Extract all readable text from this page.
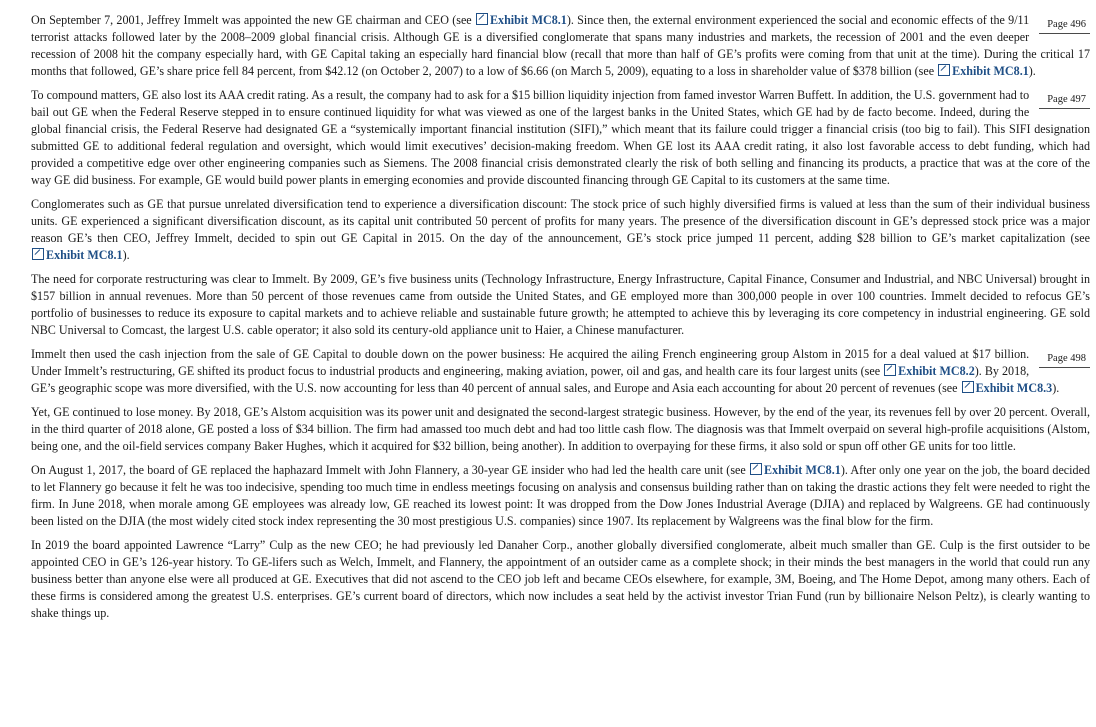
Page 496
On September 7, 2001, Jeffrey Immelt was appointed the new GE chairman and CEO (see Exhibit MC8.1). Since then, the external environment experienced the social and economic effects of the 9/11 terrorist attacks followed later by the 2008–2009 global financial crisis. Although GE is a diversified conglomerate that spans many industries and markets, the recession of 2001 and the even deeper recession of 2008 hit the company especially hard, with GE Capital taking an especially hard financial blow (recall that more than half of GE’s profits were coming from that unit at the time). During the critical 17 months that followed, GE’s share price fell 84 percent, from $42.12 (on October 2, 2007) to a low of $6.66 (on March 5, 2009), equating to a loss in shareholder value of $378 billion (see Exhibit MC8.1).

Page 497
To compound matters, GE also lost its AAA credit rating. As a result, the company had to ask for a $15 billion liquidity injection from famed investor Warren Buffett. In addition, the U.S. government had to bail out GE when the Federal Reserve stepped in to ensure continued liquidity for what was viewed as one of the largest banks in the United States, which GE had by de facto become. Indeed, during the global financial crisis, the Federal Reserve had designated GE a “systemically important financial institution (SIFI),” which meant that its failure could trigger a financial crisis (too big to fail). This SIFI designation submitted GE to additional federal regulation and oversight, which would limit executives’ decision-making freedom. When GE lost its AAA credit rating, it also lost favorable access to debt funding, which had provided a competitive edge over other engineering companies such as Siemens. The 2008 financial crisis demonstrated clearly the risk of both selling and financing its products, a practice that was at the core of the way GE did business. For example, GE would build power plants in emerging economies and provide discounted financing through GE Capital to its customers at the same time.

Conglomerates such as GE that pursue unrelated diversification tend to experience a diversification discount: The stock price of such highly diversified firms is valued at less than the sum of their individual business units. GE experienced a significant diversification discount, as its capital unit contributed 50 percent of profits for many years. The presence of the diversification discount in GE’s depressed stock price was a major reason GE’s then CEO, Jeffrey Immelt, decided to spin out GE Capital in 2015. On the day of the announcement, GE’s stock price jumped 11 percent, adding $28 billion to GE’s market capitalization (see Exhibit MC8.1).

The need for corporate restructuring was clear to Immelt. By 2009, GE’s five business units (Technology Infrastructure, Energy Infrastructure, Capital Finance, Consumer and Industrial, and NBC Universal) brought in $157 billion in annual revenues. More than 50 percent of those revenues came from outside the United States, and GE employed more than 300,000 people in over 100 countries. Immelt decided to refocus GE’s portfolio of businesses to reduce its exposure to capital markets and to achieve reliable and sustainable future growth; he attempted to achieve this by leveraging its core competency in industrial engineering. GE sold NBC Universal to Comcast, the largest U.S. cable operator; it also sold its century-old appliance unit to Haier, a Chinese manufacturer.

Page 498
Immelt then used the cash injection from the sale of GE Capital to double down on the power business: He acquired the ailing French engineering group Alstom in 2015 for a deal valued at $17 billion. Under Immelt’s restructuring, GE shifted its product focus to industrial products and engineering, making aviation, power, oil and gas, and health care its four largest units (see Exhibit MC8.2). By 2018, GE’s geographic scope was more diversified, with the U.S. now accounting for less than 40 percent of annual sales, and Europe and Asia each accounting for about 20 percent of revenues (see Exhibit MC8.3).

Yet, GE continued to lose money. By 2018, GE’s Alstom acquisition was its power unit and designated the second-largest strategic business. However, by the end of the year, its revenues fell by over 20 percent. Overall, in the third quarter of 2018 alone, GE posted a loss of $34 billion. The firm had amassed too much debt and had too little cash flow. The diagnosis was that Immelt overpaid on several high-profile acquisitions (Alstom, being one, and the oil-field services company Baker Hughes, which it acquired for $32 billion, being another). In addition to overpaying for these firms, it also sold or spun off other GE units for too little.

On August 1, 2017, the board of GE replaced the haphazard Immelt with John Flannery, a 30-year GE insider who had led the health care unit (see Exhibit MC8.1). After only one year on the job, the board decided to let Flannery go because it felt he was too indecisive, spending too much time in endless meetings focusing on analysis and consensus building rather than on taking the drastic actions they felt were needed to right the firm. In June 2018, when morale among GE employees was already low, GE reached its lowest point: It was dropped from the Dow Jones Industrial Average (DJIA) and replaced by Walgreens. GE had continuously been listed on the DJIA (the most widely cited stock index representing the 30 most prestigious U.S. companies) since 1907. Its replacement by Walgreens was the final blow for the firm.

In 2019 the board appointed Lawrence “Larry” Culp as the new CEO; he had previously led Danaher Corp., another globally diversified conglomerate, albeit much smaller than GE. Culp is the first outsider to be appointed CEO in GE’s 126-year history. To GE-lifers such as Welch, Immelt, and Flannery, the appointment of an outsider came as a complete shock; in their minds the best managers in the world that could run any business better than anyone else were all produced at GE. Executives that did not ascend to the CEO job left and became CEOs elsewhere, for example, 3M, Boeing, and The Home Depot, among many others. Each of these firms is considered among the greatest U.S. enterprises. GE’s current board of directors, which now includes a seat held by the activist investor Trian Fund (run by billionaire Nelson Peltz), is clearly wanting to shake things up.
